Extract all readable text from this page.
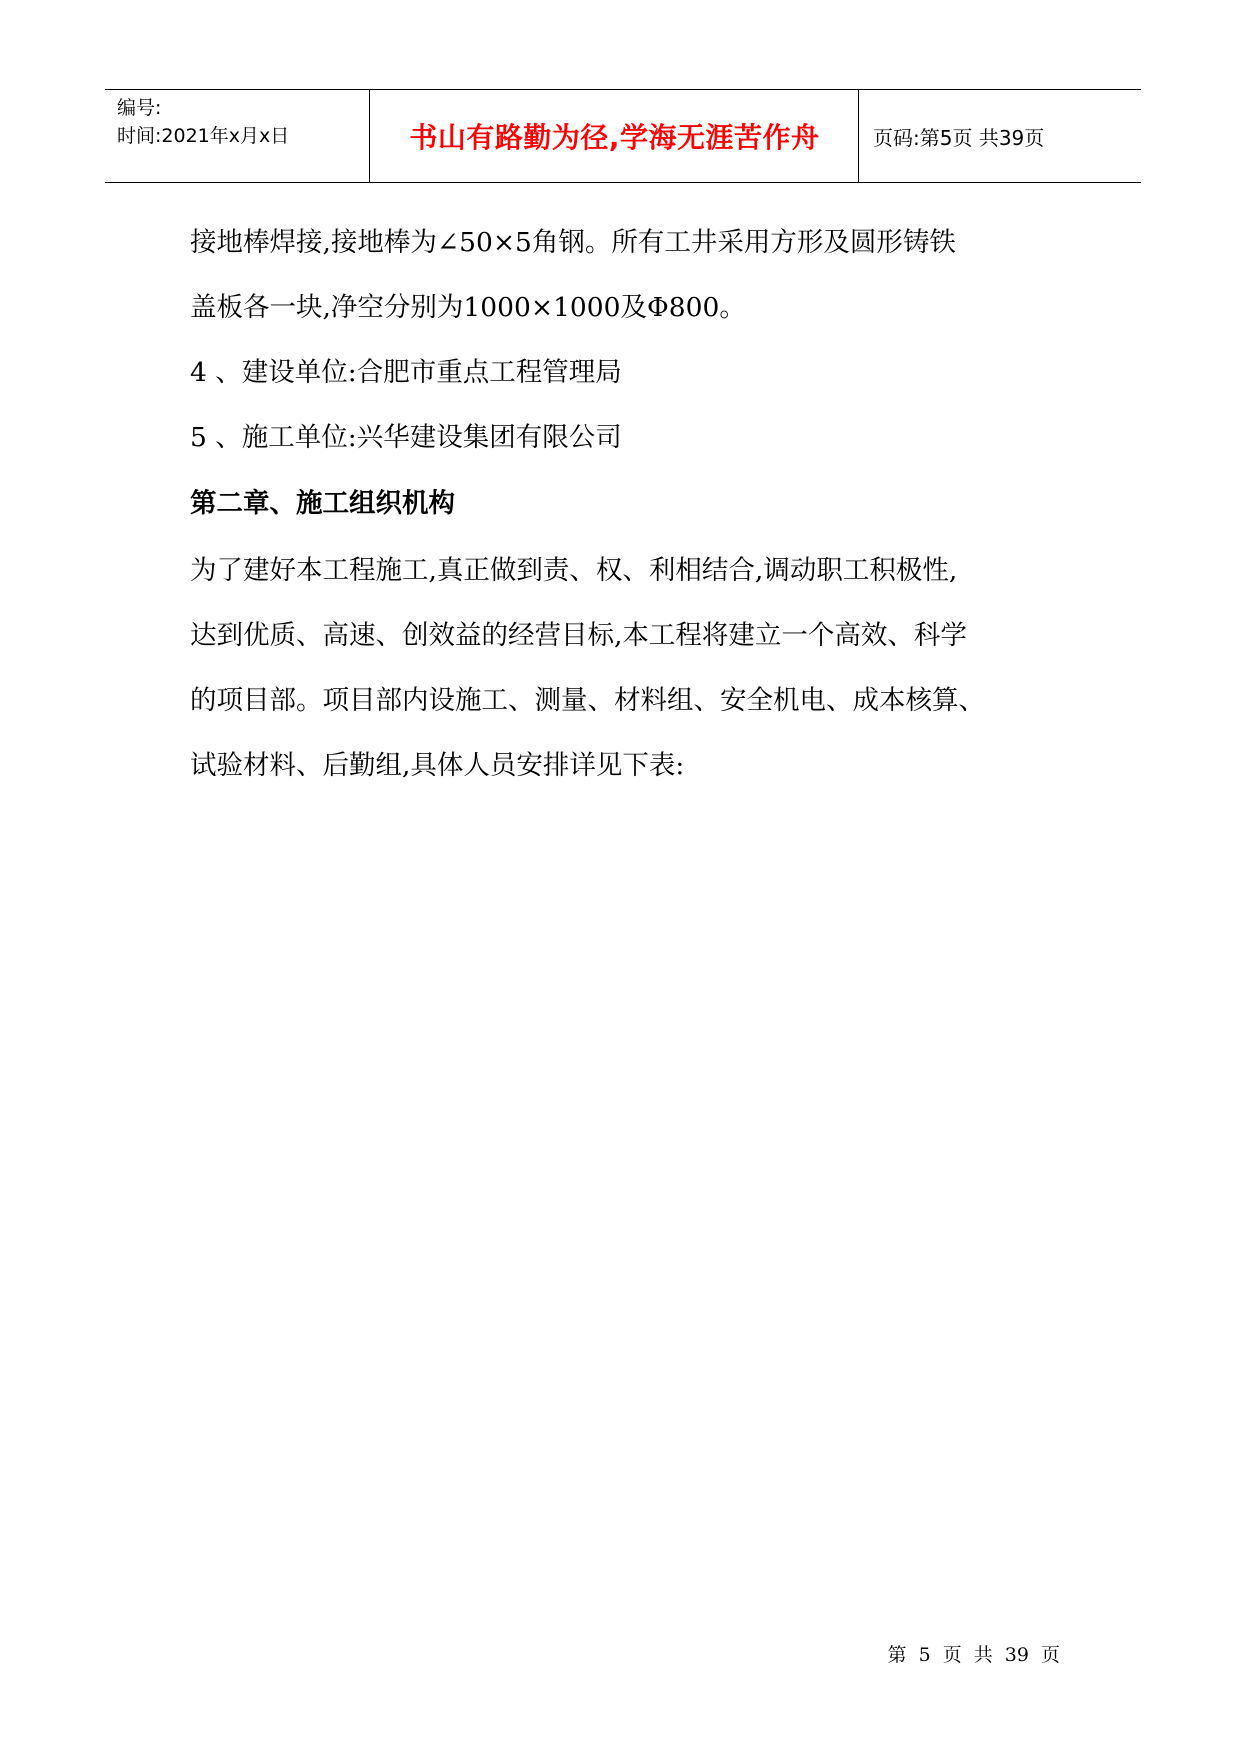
编号:
时间:2021年x月x日	书山有路勤为径,学海无涯苦作舟	页码:第5页 共39页
接地棒焊接,接地棒为∠50×5角钢。所有工井采用方形及圆形铸铁
盖板各一块,净空分别为1000×1000及Φ800。
4 、建设单位:合肥市重点工程管理局
5 、施工单位:兴华建设集团有限公司
第二章、施工组织机构
为了建好本工程施工,真正做到责、权、利相结合,调动职工积极性,
达到优质、高速、创效益的经营目标,本工程将建立一个高效、科学
的项目部。项目部内设施工、测量、材料组、安全机电、成本核算、
试验材料、后勤组,具体人员安排详见下表:
第 5 页 共 39 页
